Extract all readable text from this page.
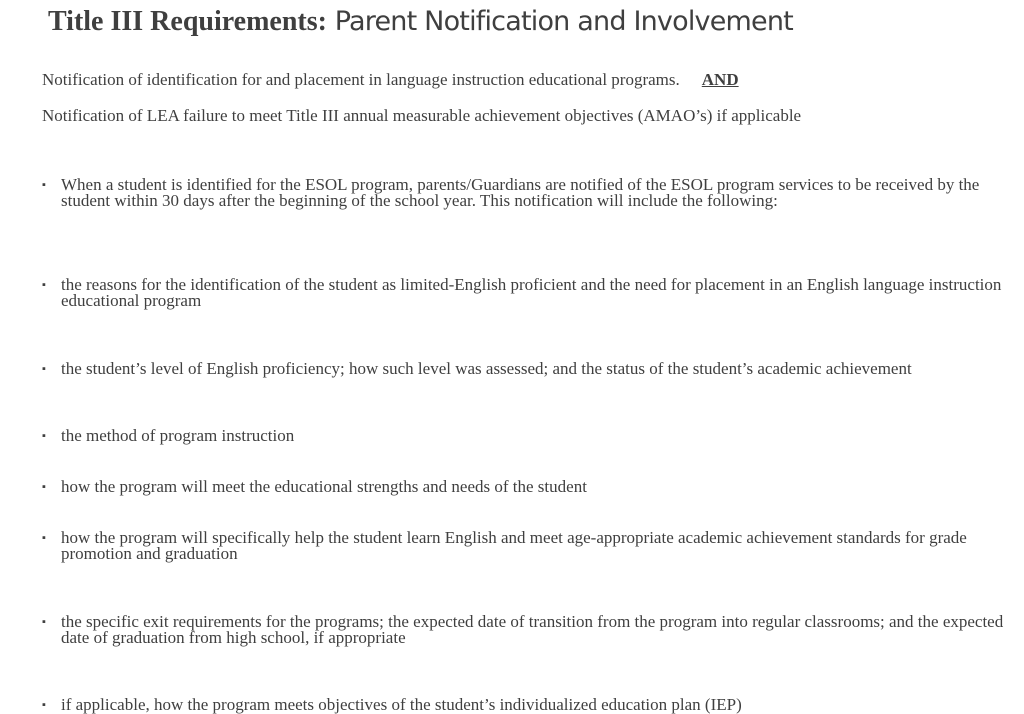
Title III Requirements: Parent Notification and Involvement

Notification of identification for and placement in language instruction educational programs. AND

Notification of LEA failure to meet Title III annual measurable achievement objectives (AMAO’s) if applicable

▪ When a student is identified for the ESOL program, parents/Guardians are notified of the ESOL program services to be received by the student within 30 days after the beginning of the school year. This notification will include the following:
▪ the reasons for the identification of the student as limited-English proficient and the need for placement in an English language instruction educational program
▪ the student’s level of English proficiency; how such level was assessed; and the status of the student’s academic achievement
▪ the method of program instruction
▪ how the program will meet the educational strengths and needs of the student
▪ how the program will specifically help the student learn English and meet age-appropriate academic achievement standards for grade promotion and graduation
▪ the specific exit requirements for the programs; the expected date of transition from the program into regular classrooms; and the expected date of graduation from high school, if appropriate
▪ if applicable, how the program meets objectives of the student’s individualized education plan (IEP)
